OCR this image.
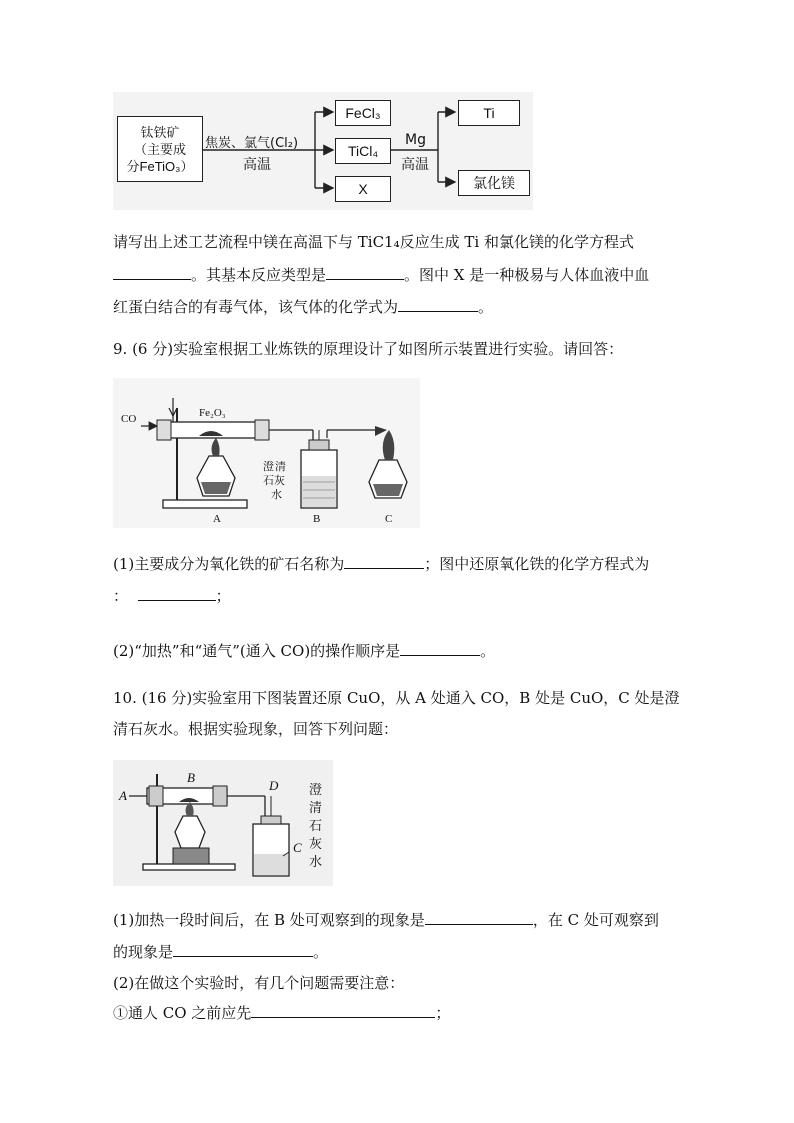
钛铁矿
（主要成
分FeTiO₃）
焦炭、氯气(Cl₂)
高温
FeCl₃
TiCl₄
X
Mg
高温
Ti
氯化镁
请写出上述工艺流程中镁在高温下与 TiC1₄反应生成 Ti 和氯化镁的化学方程式
。其基本反应类型是	。图中 X 是一种极易与人体血液中血
红蛋白结合的有毒气体，该气体的化学式为	。
9. (6 分)实验室根据工业炼铁的原理设计了如图所示装置进行实验。请回答：
CO	Fe₂O₃
澄 清
石灰
水
A	B	C
(1)主要成分为氧化铁的矿石名称为	；图中还原氧化铁的化学方程式为
：	；
(2)“加热”和“通气”(通入 CO)的操作顺序是	。
10. (16 分)实验室用下图装置还原 CuO，从 A 处通入 CO，B 处是 CuO，C 处是澄
清石灰水。根据实验现象，回答下列问题：
A
B
D
C
澄
清
石
灰
水
(1)加热一段时间后，在 B 处可观察到的现象是	，在 C 处可观察到
的现象是	。
(2)在做这个实验时，有几个问题需要注意：
①通人 CO 之前应先	；
